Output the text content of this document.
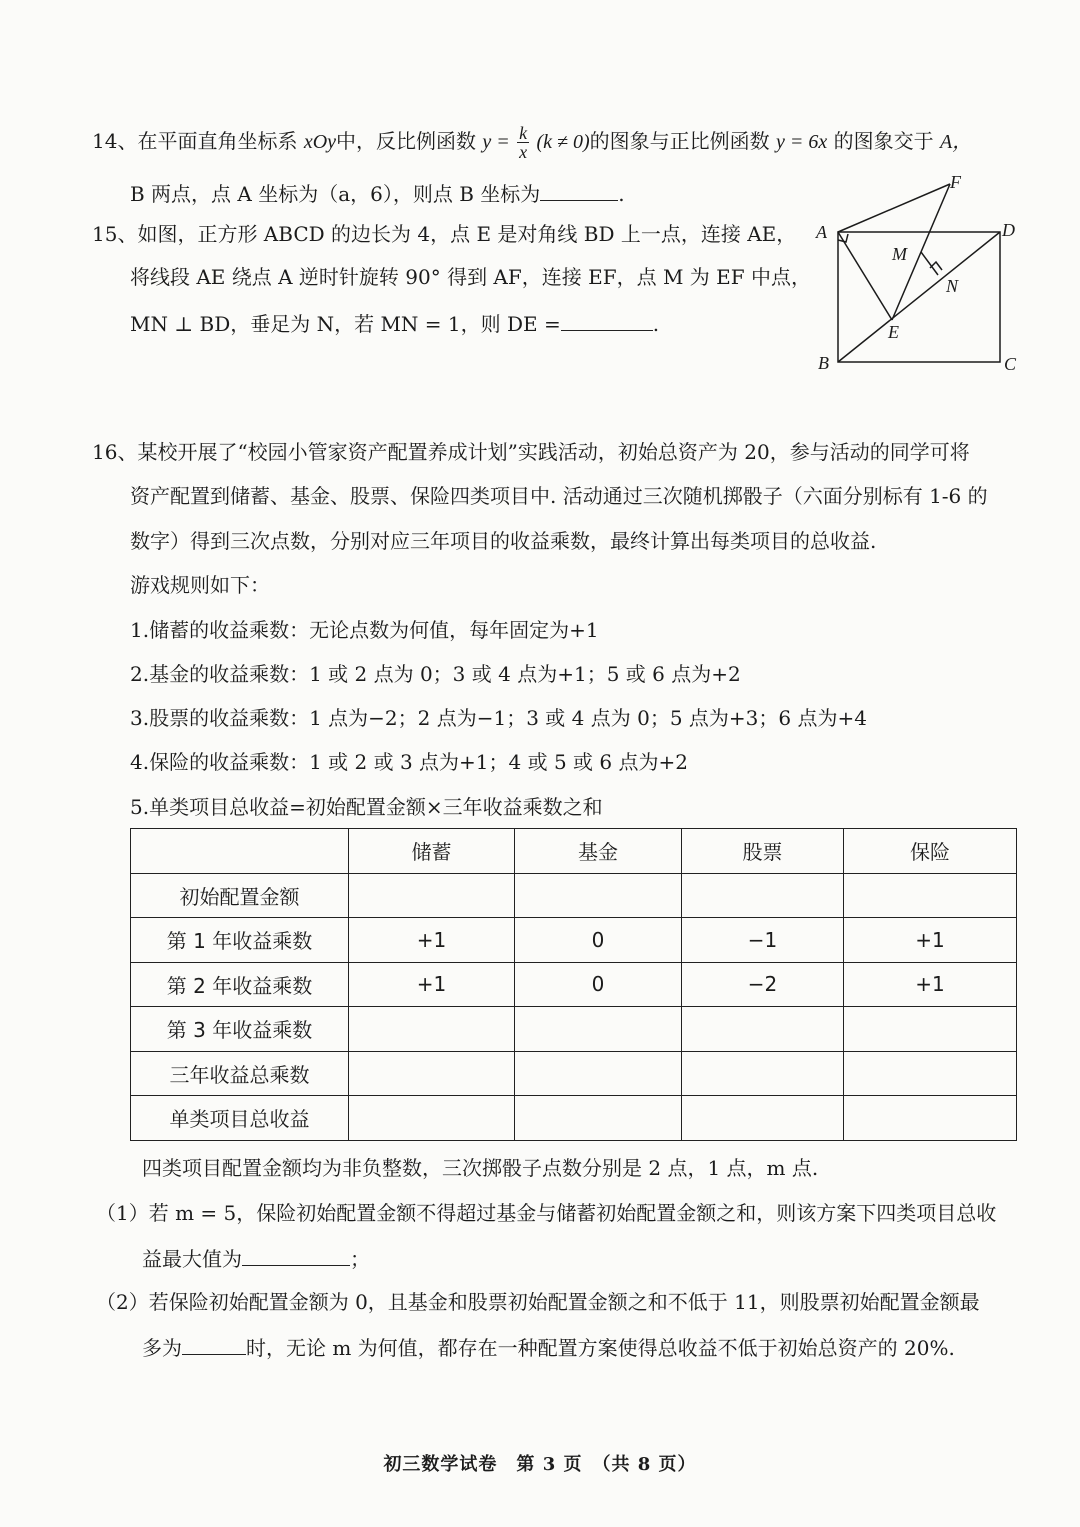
14、在平面直角坐标系 xOy中，反比例函数 $y = \frac{k}{x} (k \ne 0)$的图象与正比例函数 y = 6x 的图象交于 A，
B 两点，点 A 坐标为（a，6），则点 B 坐标为	.
15、如图，正方形 ABCD 的边长为 4，点 E 是对角线 BD 上一点，连接 AE，
将线段 AE 绕点 A 逆时针旋转 90° 得到 AF，连接 EF，点 M 为 EF 中点，
MN ⊥ BD，垂足为 N，若 MN = 1，则 DE =	.
A	D
B	C
F
M
N
E
16、某校开展了“校园小管家资产配置养成计划”实践活动，初始总资产为 20，参与活动的同学可将
资产配置到储蓄、基金、股票、保险四类项目中. 活动通过三次随机掷骰子（六面分别标有 1-6 的
数字）得到三次点数，分别对应三年项目的收益乘数，最终计算出每类项目的总收益.
游戏规则如下：
1.储蓄的收益乘数：无论点数为何值，每年固定为+1
2.基金的收益乘数：1 或 2 点为 0；3 或 4 点为+1；5 或 6 点为+2
3.股票的收益乘数：1 点为−2；2 点为−1；3 或 4 点为 0；5 点为+3；6 点为+4
4.保险的收益乘数：1 或 2 或 3 点为+1；4 或 5 或 6 点为+2
5.单类项目总收益=初始配置金额×三年收益乘数之和
	储蓄	基金	股票	保险
初始配置金额				
第 1 年收益乘数	+1	0	−1	+1
第 2 年收益乘数	+1	0	−2	+1
第 3 年收益乘数				
三年收益总乘数				
单类项目总收益				
四类项目配置金额均为非负整数，三次掷骰子点数分别是 2 点，1 点，m 点.
（1）若 m = 5，保险初始配置金额不得超过基金与储蓄初始配置金额之和，则该方案下四类项目总收
益最大值为	；
（2）若保险初始配置金额为 0，且基金和股票初始配置金额之和不低于 11，则股票初始配置金额最
多为	时，无论 m 为何值，都存在一种配置方案使得总收益不低于初始总资产的 20%.
初三数学试卷　第 3 页　（共 8 页）
